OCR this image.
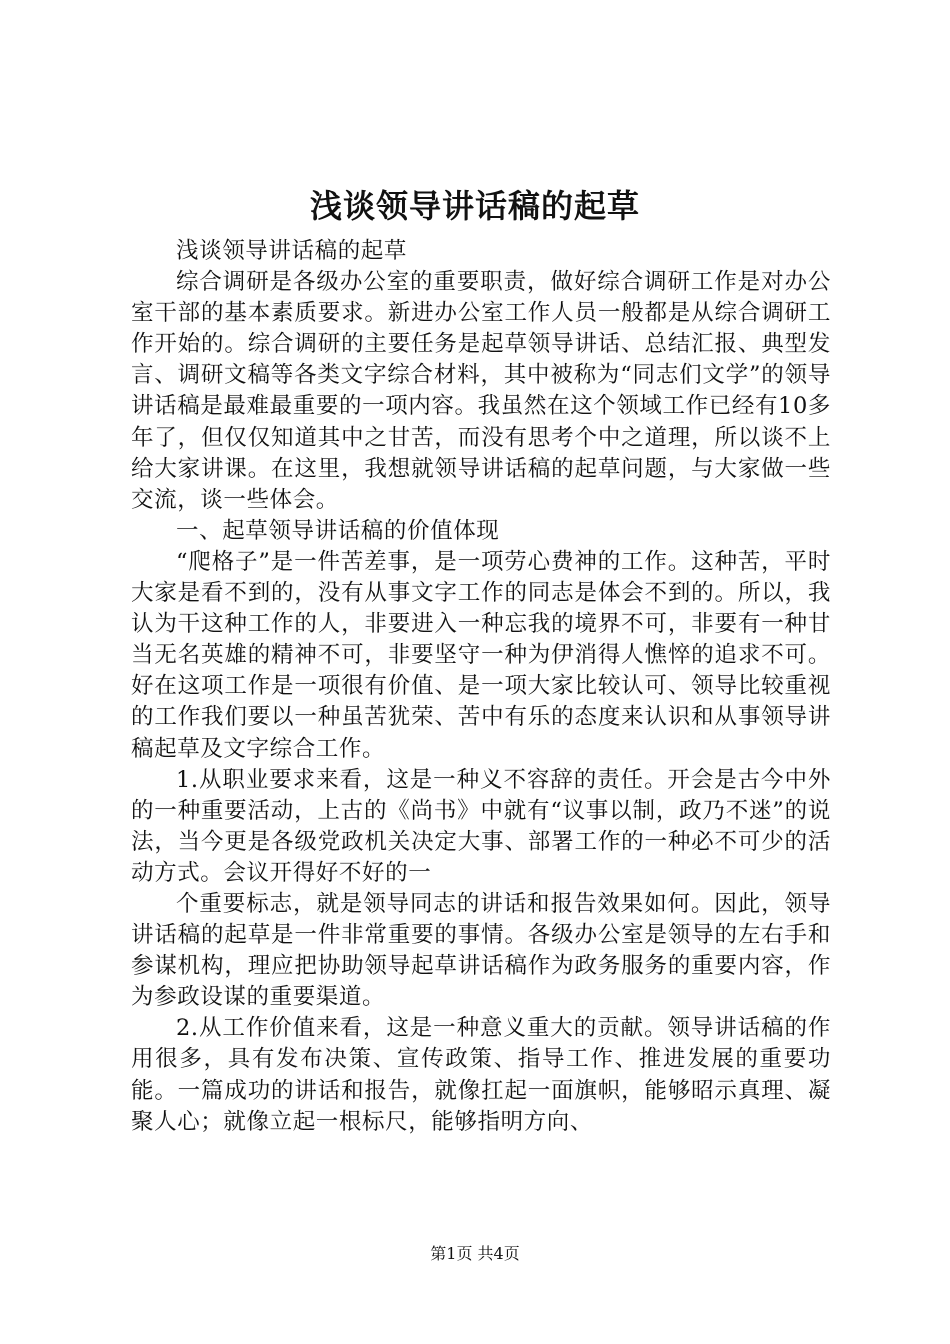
浅谈领导讲话稿的起草

浅谈领导讲话稿的起草

综合调研是各级办公室的重要职责，做好综合调研工作是对办公室干部的基本素质要求。新进办公室工作人员一般都是从综合调研工作开始的。综合调研的主要任务是起草领导讲话、总结汇报、典型发言、调研文稿等各类文字综合材料，其中被称为“同志们文学”的领导讲话稿是最难最重要的一项内容。我虽然在这个领域工作已经有10多年了，但仅仅知道其中之甘苦，而没有思考个中之道理，所以谈不上给大家讲课。在这里，我想就领导讲话稿的起草问题，与大家做一些交流，谈一些体会。

一、起草领导讲话稿的价值体现

“爬格子”是一件苦差事，是一项劳心费神的工作。这种苦，平时大家是看不到的，没有从事文字工作的同志是体会不到的。所以，我认为干这种工作的人，非要进入一种忘我的境界不可，非要有一种甘当无名英雄的精神不可，非要坚守一种为伊消得人憔悴的追求不可。好在这项工作是一项很有价值、是一项大家比较认可、领导比较重视的工作我们要以一种虽苦犹荣、苦中有乐的态度来认识和从事领导讲稿起草及文字综合工作。

1.从职业要求来看，这是一种义不容辞的责任。开会是古今中外的一种重要活动，上古的《尚书》中就有“议事以制，政乃不迷”的说法，当今更是各级党政机关决定大事、部署工作的一种必不可少的活动方式。会议开得好不好的一

个重要标志，就是领导同志的讲话和报告效果如何。因此，领导讲话稿的起草是一件非常重要的事情。各级办公室是领导的左右手和参谋机构，理应把协助领导起草讲话稿作为政务服务的重要内容，作为参政设谋的重要渠道。

2.从工作价值来看，这是一种意义重大的贡献。领导讲话稿的作用很多，具有发布决策、宣传政策、指导工作、推进发展的重要功能。一篇成功的讲话和报告，就像扛起一面旗帜，能够昭示真理、凝聚人心；就像立起一根标尺，能够指明方向、

第1页 共4页
